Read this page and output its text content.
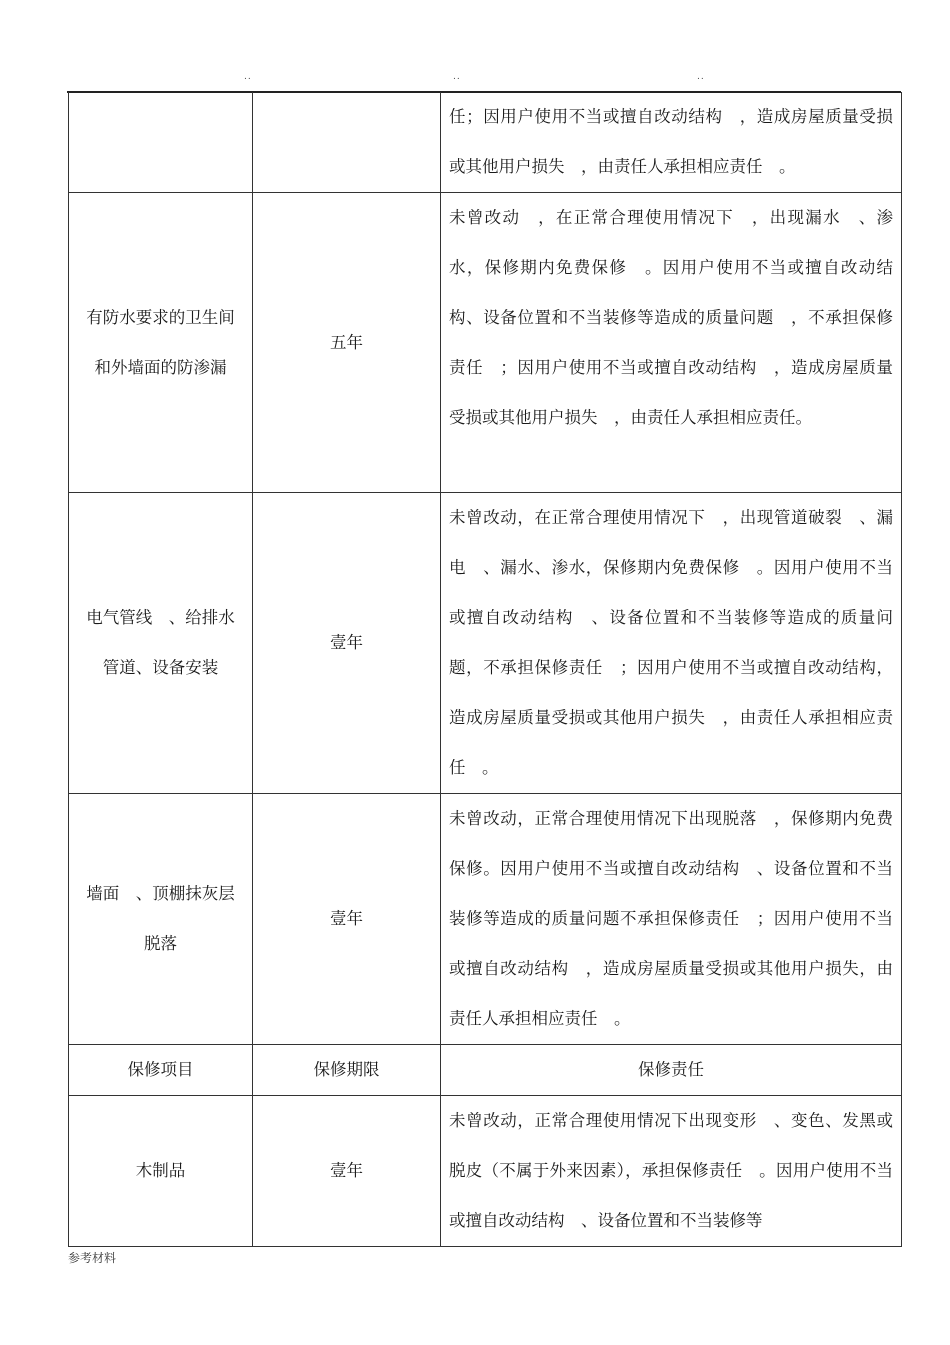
..	..	..
		任；因用户使用不当或擅自改动结构　，造成房屋质量受损或其他用户损失　，由责任人承担相应责任　。

有防水要求的卫生间和外墙面的防渗漏	五年	未曾改动　，在正常合理使用情况下　，出现漏水　、渗水，保修期内免费保修　。因用户使用不当或擅自改动结构、设备位置和不当装修等造成的质量问题　，不承担保修责任　；因用户使用不当或擅自改动结构　，造成房屋质量受损或其他用户损失　，由责任人承担相应责任。

电气管线　、给排水管道、设备安装	壹年	未曾改动，在正常合理使用情况下　，出现管道破裂　、漏电　、漏水、渗水，保修期内免费保修　。因用户使用不当或擅自改动结构　、设备位置和不当装修等造成的质量问题，不承担保修责任　；因用户使用不当或擅自改动结构，造成房屋质量受损或其他用户损失　，由责任人承担相应责任　。

墙面　、顶棚抹灰层脱落	壹年	未曾改动，正常合理使用情况下出现脱落　，保修期内免费保修。因用户使用不当或擅自改动结构　、设备位置和不当装修等造成的质量问题不承担保修责任　；因用户使用不当或擅自改动结构　，造成房屋质量受损或其他用户损失，由责任人承担相应责任　。
保修项目	保修期限	保修责任
木制品	壹年	未曾改动，正常合理使用情况下出现变形　、变色、发黑或脱皮（不属于外来因素），承担保修责任　。因用户使用不当或擅自改动结构　、设备位置和不当装修等
参考材料
